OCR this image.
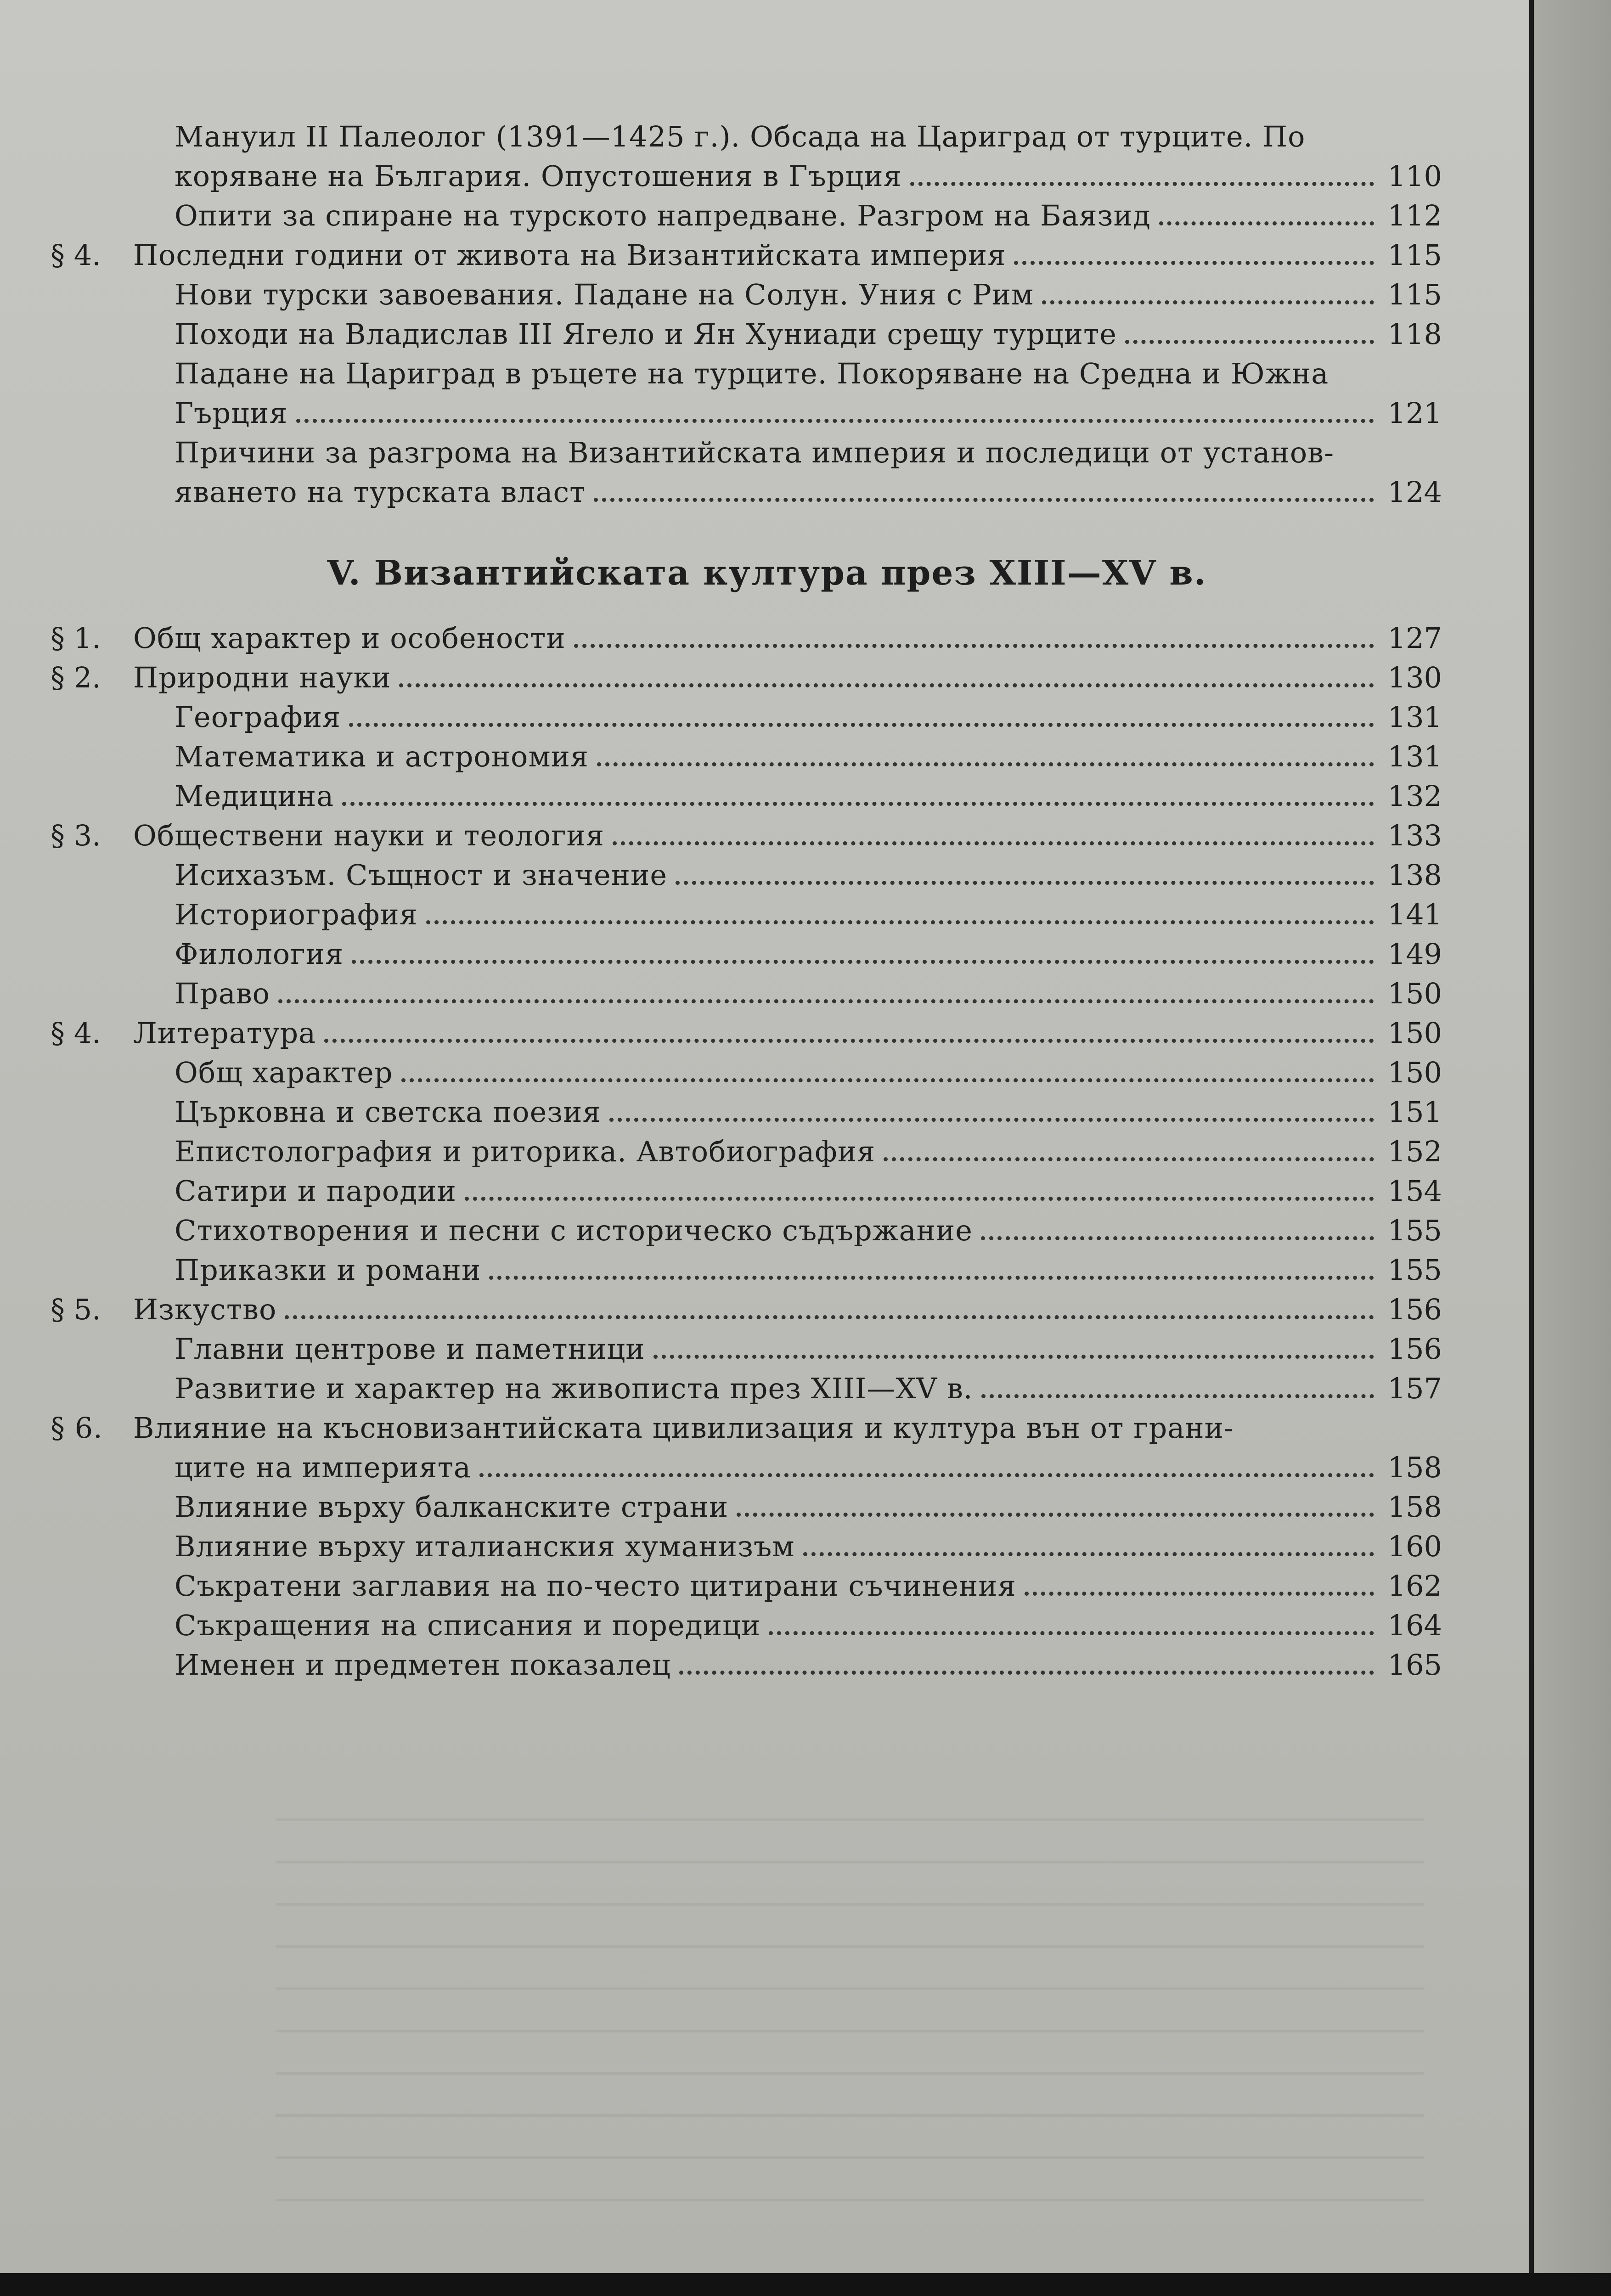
Мануил II Палеолог (1391—1425 г.). Обсада на Цариград от турците. По
коряване на България. Опустошения в Гърция	110
Опити за спиране на турското напредване. Разгром на Баязид	112
§ 4.	Последни години от живота на Византийската империя	115
Нови турски завоевания. Падане на Солун. Уния с Рим	115
Походи на Владислав III Ягело и Ян Хуниади срещу турците	118
Падане на Цариград в ръцете на турците. Покоряване на Средна и Южна
Гърция	121
Причини за разгрома на Византийската империя и последици от установ-
яването на турската власт	124
V. Византийската култура през XIII—XV в.
§ 1.	Общ характер и особености	127
§ 2.	Природни науки	130
География	131
Математика и астрономия	131
Медицина	132
§ 3.	Обществени науки и теология	133
Исихазъм. Същност и значение	138
Историография	141
Филология	149
Право	150
§ 4.	Литература	150
Общ характер	150
Църковна и светска поезия	151
Епистолография и риторика. Автобиография	152
Сатири и пародии	154
Стихотворения и песни с историческо съдържание	155
Приказки и романи	155
§ 5.	Изкуство	156
Главни центрове и паметници	156
Развитие и характер на живописта през XIII—XV в.	157
§ 6.	Влияние на късновизантийската цивилизация и култура вън от грани-
ците на империята	158
Влияние върху балканските страни	158
Влияние върху италианския хуманизъм	160
Съкратени заглавия на по-често цитирани съчинения	162
Съкращения на списания и поредици	164
Именен и предметен показалец	165
